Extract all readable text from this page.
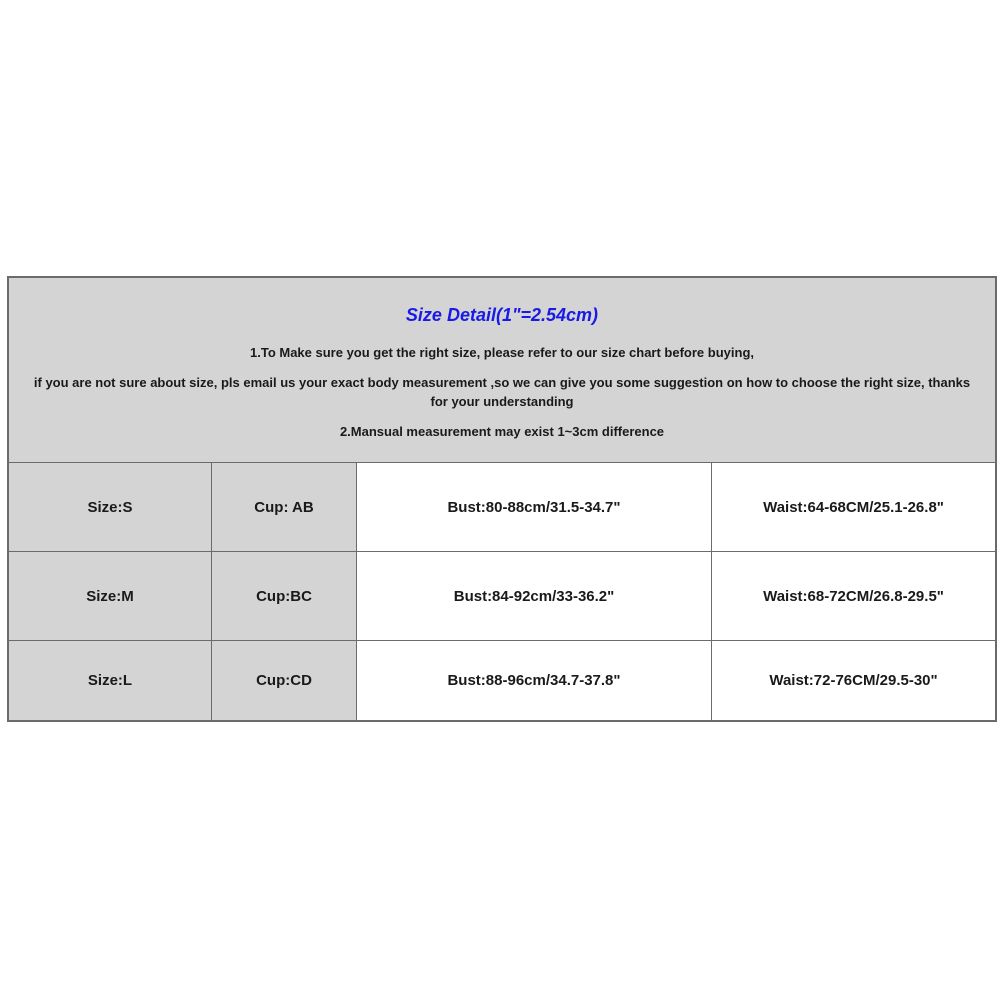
Size Detail(1"=2.54cm)

1.To Make sure you get the right size, please refer to our size chart before buying,

if you are not sure about size, pls email us your exact body measurement ,so we can give you some suggestion on how to choose the right size, thanks for your understanding

2.Mansual measurement may exist 1~3cm difference

Size:S	Cup: AB	Bust:80-88cm/31.5-34.7"	Waist:64-68CM/25.1-26.8"
Size:M	Cup:BC	Bust:84-92cm/33-36.2"	Waist:68-72CM/26.8-29.5"
Size:L	Cup:CD	Bust:88-96cm/34.7-37.8"	Waist:72-76CM/29.5-30"
